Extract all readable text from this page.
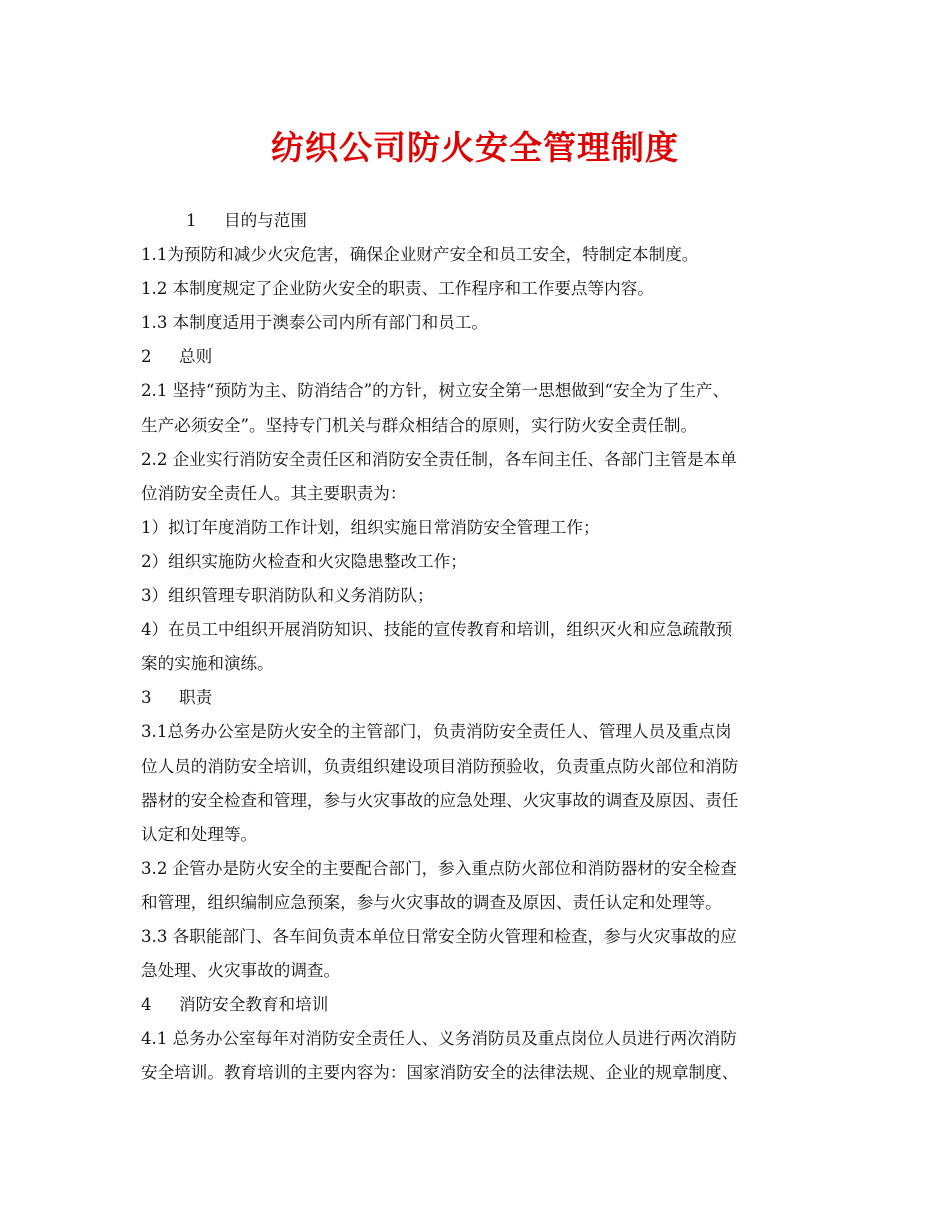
纺织公司防火安全管理制度
1 目的与范围
1.1为预防和减少火灾危害，确保企业财产安全和员工安全，特制定本制度。
1.2 本制度规定了企业防火安全的职责、工作程序和工作要点等内容。
1.3 本制度适用于澳泰公司内所有部门和员工。
2 总则
2.1 坚持“预防为主、防消结合”的方针，树立安全第一思想做到“安全为了生产、
生产必须安全”。坚持专门机关与群众相结合的原则，实行防火安全责任制。
2.2 企业实行消防安全责任区和消防安全责任制，各车间主任、各部门主管是本单
位消防安全责任人。其主要职责为：
1）拟订年度消防工作计划，组织实施日常消防安全管理工作；
2）组织实施防火检查和火灾隐患整改工作；
3）组织管理专职消防队和义务消防队；
4）在员工中组织开展消防知识、技能的宣传教育和培训，组织灭火和应急疏散预
案的实施和演练。
3 职责
3.1总务办公室是防火安全的主管部门，负责消防安全责任人、管理人员及重点岗
位人员的消防安全培训，负责组织建设项目消防预验收，负责重点防火部位和消防
器材的安全检查和管理，参与火灾事故的应急处理、火灾事故的调查及原因、责任
认定和处理等。
3.2 企管办是防火安全的主要配合部门，参入重点防火部位和消防器材的安全检查
和管理，组织编制应急预案，参与火灾事故的调查及原因、责任认定和处理等。
3.3 各职能部门、各车间负责本单位日常安全防火管理和检查，参与火灾事故的应
急处理、火灾事故的调查。
4 消防安全教育和培训
4.1 总务办公室每年对消防安全责任人、义务消防员及重点岗位人员进行两次消防
安全培训。教育培训的主要内容为：国家消防安全的法律法规、企业的规章制度、
